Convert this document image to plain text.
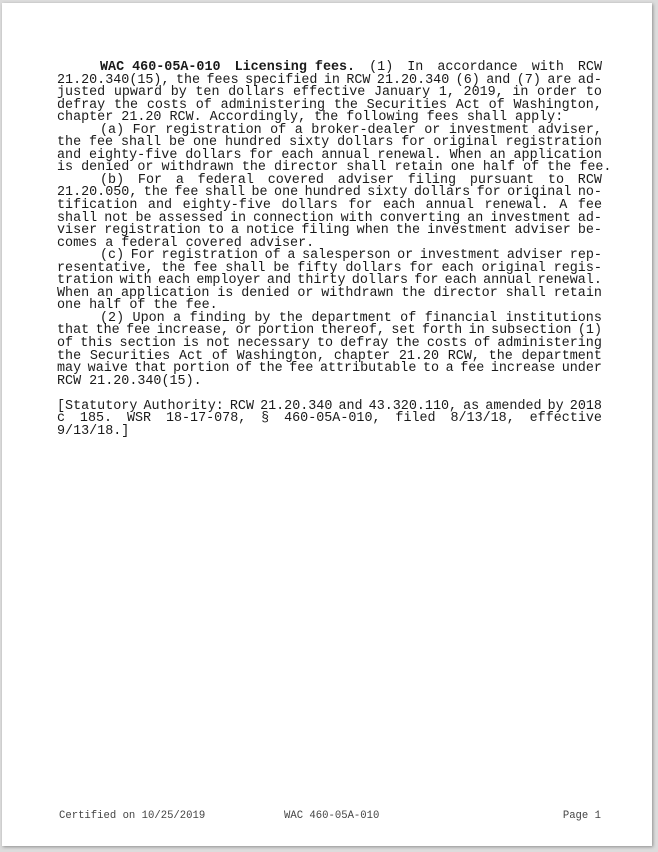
WAC 460-05A-010 Licensing fees. (1) In accordance with RCW
21.20.340(15), the fees specified in RCW 21.20.340 (6) and (7) are ad-
justed upward by ten dollars effective January 1, 2019, in order to
defray the costs of administering the Securities Act of Washington,
chapter 21.20 RCW. Accordingly, the following fees shall apply:
(a) For registration of a broker-dealer or investment adviser,
the fee shall be one hundred sixty dollars for original registration
and eighty-five dollars for each annual renewal. When an application
is denied or withdrawn the director shall retain one half of the fee.
(b) For a federal covered adviser filing pursuant to RCW
21.20.050, the fee shall be one hundred sixty dollars for original no-
tification and eighty-five dollars for each annual renewal. A fee
shall not be assessed in connection with converting an investment ad-
viser registration to a notice filing when the investment adviser be-
comes a federal covered adviser.
(c) For registration of a salesperson or investment adviser rep-
resentative, the fee shall be fifty dollars for each original regis-
tration with each employer and thirty dollars for each annual renewal.
When an application is denied or withdrawn the director shall retain
one half of the fee.
(2) Upon a finding by the department of financial institutions
that the fee increase, or portion thereof, set forth in subsection (1)
of this section is not necessary to defray the costs of administering
the Securities Act of Washington, chapter 21.20 RCW, the department
may waive that portion of the fee attributable to a fee increase under
RCW 21.20.340(15).
[Statutory Authority: RCW 21.20.340 and 43.320.110, as amended by 2018
c 185. WSR 18-17-078, § 460-05A-010, filed 8/13/18, effective
9/13/18.]
Certified on 10/25/2019	WAC 460-05A-010	Page 1
